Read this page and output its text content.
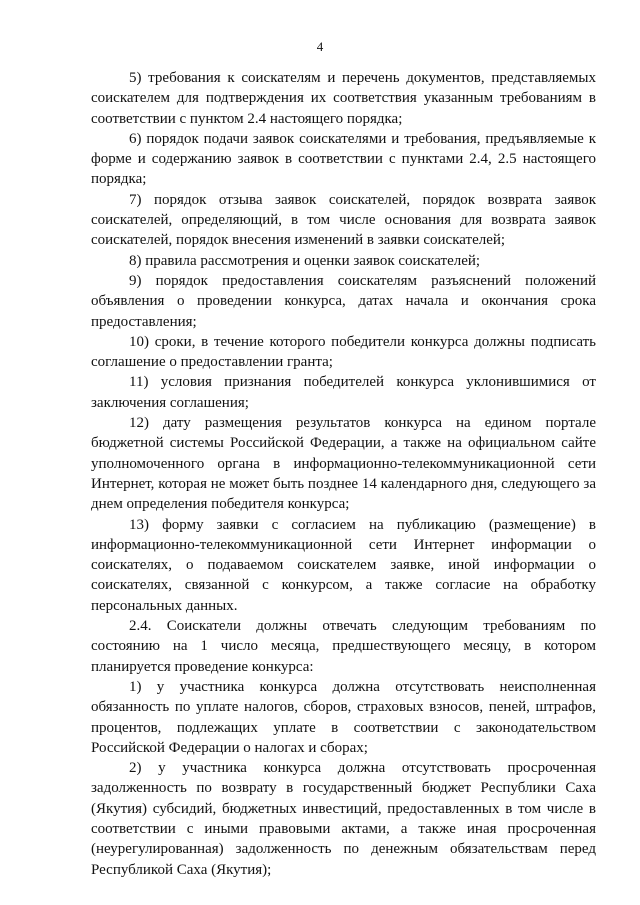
4

5) требования к соискателям и перечень документов, представляемых соискателем для подтверждения их соответствия указанным требованиям в соответствии с пунктом 2.4 настоящего порядка;

6) порядок подачи заявок соискателями и требования, предъявляемые к форме и содержанию заявок в соответствии с пунктами 2.4, 2.5 настоящего порядка;

7) порядок отзыва заявок соискателей, порядок возврата заявок соискателей, определяющий, в том числе основания для возврата заявок соискателей, порядок внесения изменений в заявки соискателей;

8) правила рассмотрения и оценки заявок соискателей;

9) порядок предоставления соискателям разъяснений положений объявления о проведении конкурса, датах начала и окончания срока предоставления;

10) сроки, в течение которого победители конкурса должны подписать соглашение о предоставлении гранта;

11) условия признания победителей конкурса уклонившимися от заключения соглашения;

12) дату размещения результатов конкурса на едином портале бюджетной системы Российской Федерации, а также на официальном сайте уполномоченного органа в информационно-телекоммуникационной сети Интернет, которая не может быть позднее 14 календарного дня, следующего за днем определения победителя конкурса;

13) форму заявки с согласием на публикацию (размещение) в информационно-телекоммуникационной сети Интернет информации о соискателях, о подаваемом соискателем заявке, иной информации о соискателях, связанной с конкурсом, а также согласие на обработку персональных данных.

2.4. Соискатели должны отвечать следующим требованиям по состоянию на 1 число месяца, предшествующего месяцу, в котором планируется проведение конкурса:

1) у участника конкурса должна отсутствовать неисполненная обязанность по уплате налогов, сборов, страховых взносов, пеней, штрафов, процентов, подлежащих уплате в соответствии с законодательством Российской Федерации о налогах и сборах;

2) у участника конкурса должна отсутствовать просроченная задолженность по возврату в государственный бюджет Республики Саха (Якутия) субсидий, бюджетных инвестиций, предоставленных в том числе в соответствии с иными правовыми актами, а также иная просроченная (неурегулированная) задолженность по денежным обязательствам перед Республикой Саха (Якутия);
